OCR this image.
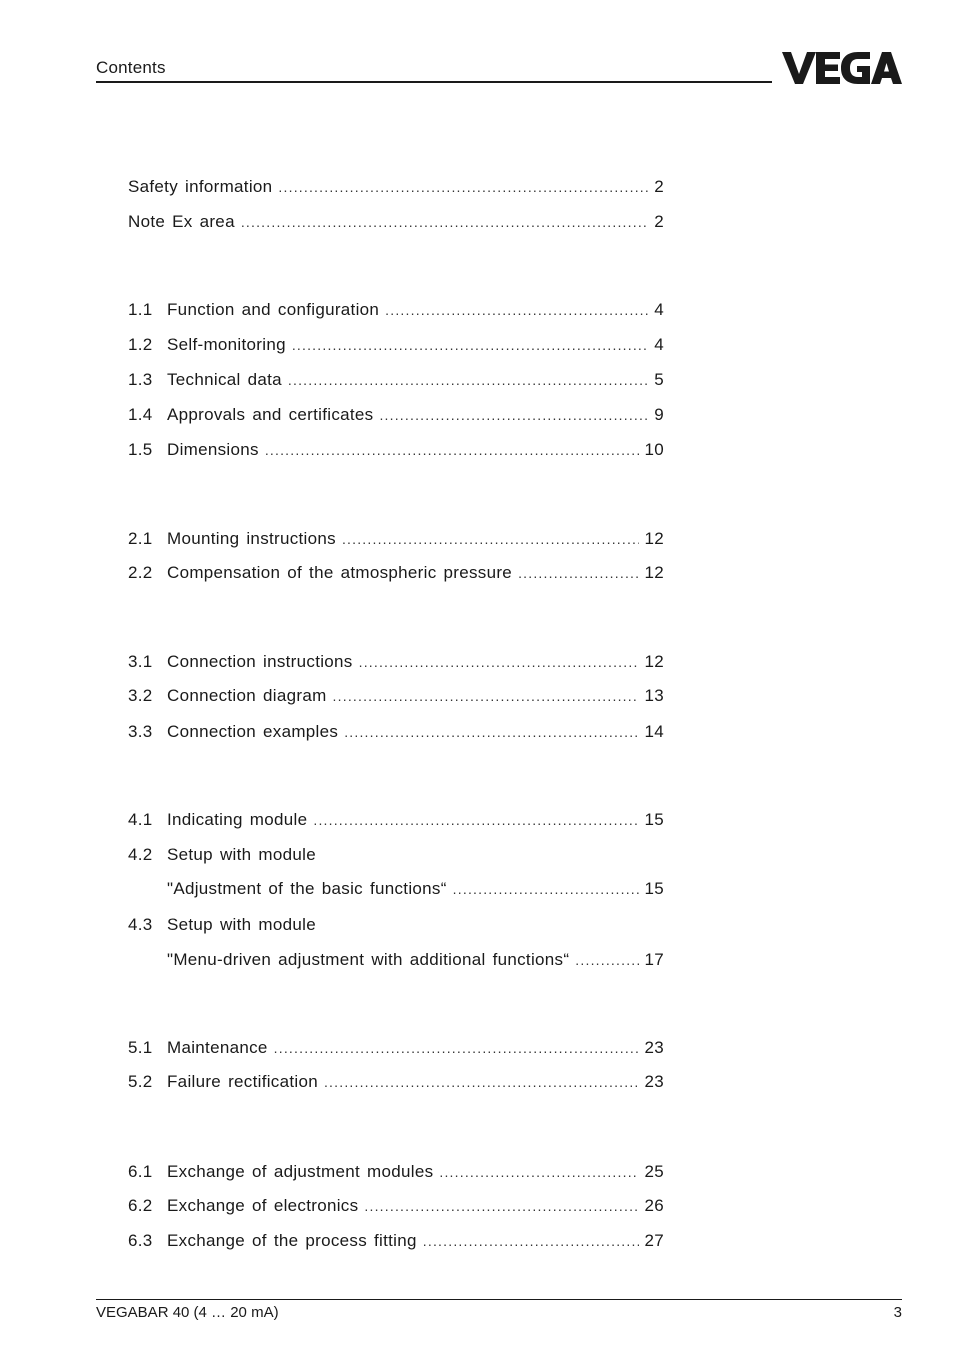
Contents
Safety information .....	2
Note Ex area .....	2
1.1 Function and configuration .....	4
1.2 Self-monitoring .....	4
1.3 Technical data .....	5
1.4 Approvals and certificates .....	9
1.5 Dimensions .....	10
2.1 Mounting instructions .....	12
2.2 Compensation of the atmospheric pressure .....	12
3.1 Connection instructions .....	12
3.2 Connection diagram .....	13
3.3 Connection examples .....	14
4.1 Indicating module .....	15
4.2 Setup with module
"Adjustment of the basic functions“ .....	15
4.3 Setup with module
"Menu-driven adjustment with additional functions“ .....	17
5.1 Maintenance .....	23
5.2 Failure rectification .....	23
6.1 Exchange of adjustment modules .....	25
6.2 Exchange of electronics .....	26
6.3 Exchange of the process fitting .....	27
VEGABAR 40 (4 … 20 mA)	3
